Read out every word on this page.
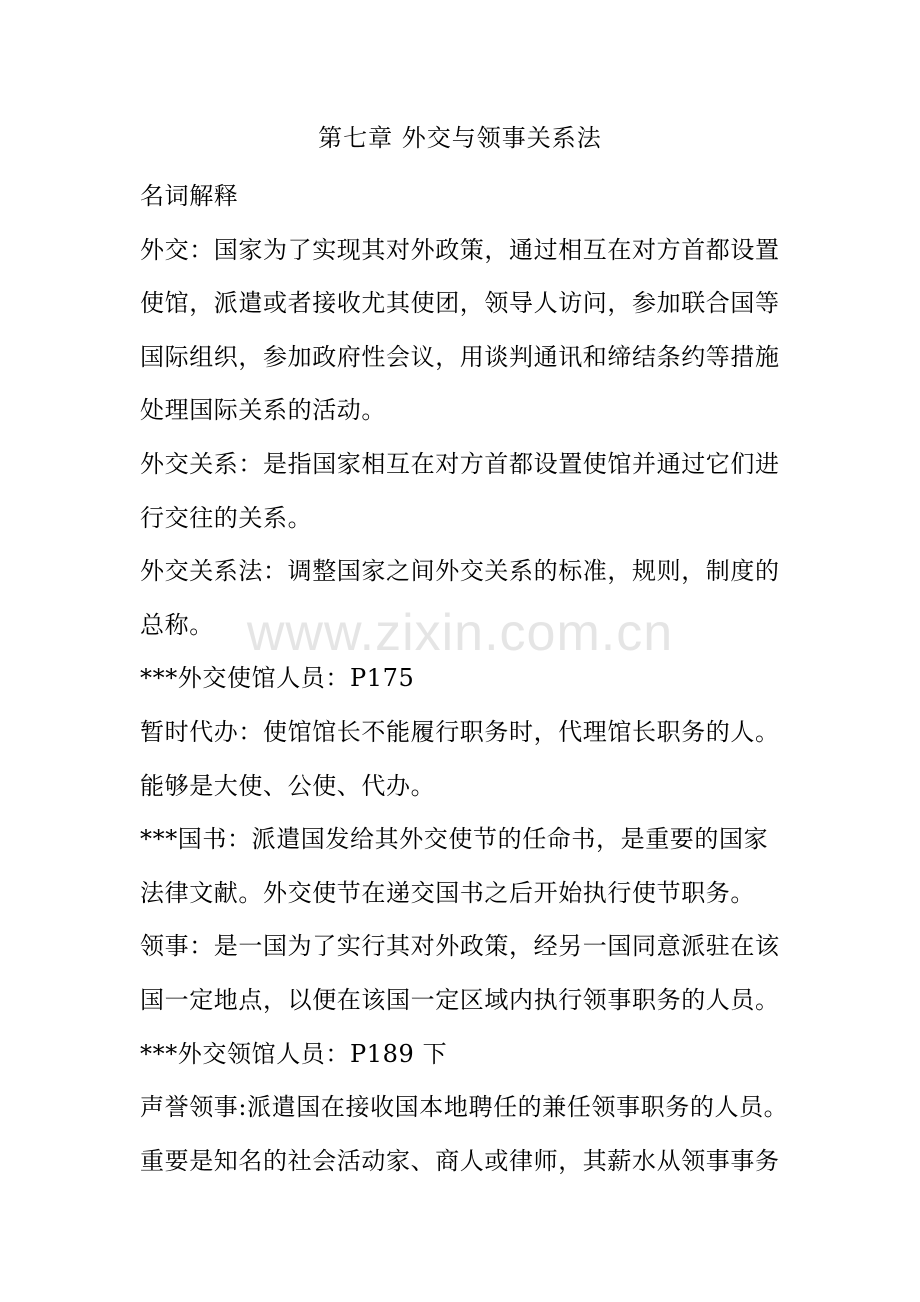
第七章 外交与领事关系法
名词解释
外交：国家为了实现其对外政策，通过相互在对方首都设置
使馆，派遣或者接收尤其使团，领导人访问，参加联合国等
国际组织，参加政府性会议，用谈判通讯和缔结条约等措施
处理国际关系的活动。
外交关系：是指国家相互在对方首都设置使馆并通过它们进
行交往的关系。
外交关系法：调整国家之间外交关系的标准，规则，制度的
总称。
***外交使馆人员：P175
暂时代办：使馆馆长不能履行职务时，代理馆长职务的人。
能够是大使、公使、代办。
***国书：派遣国发给其外交使节的任命书，是重要的国家
法律文献。外交使节在递交国书之后开始执行使节职务。
领事：是一国为了实行其对外政策，经另一国同意派驻在该
国一定地点，以便在该国一定区域内执行领事职务的人员。
***外交领馆人员：P189 下
声誉领事:派遣国在接收国本地聘任的兼任领事职务的人员。
重要是知名的社会活动家、商人或律师，其薪水从领事事务
www.zixin.com.cn
